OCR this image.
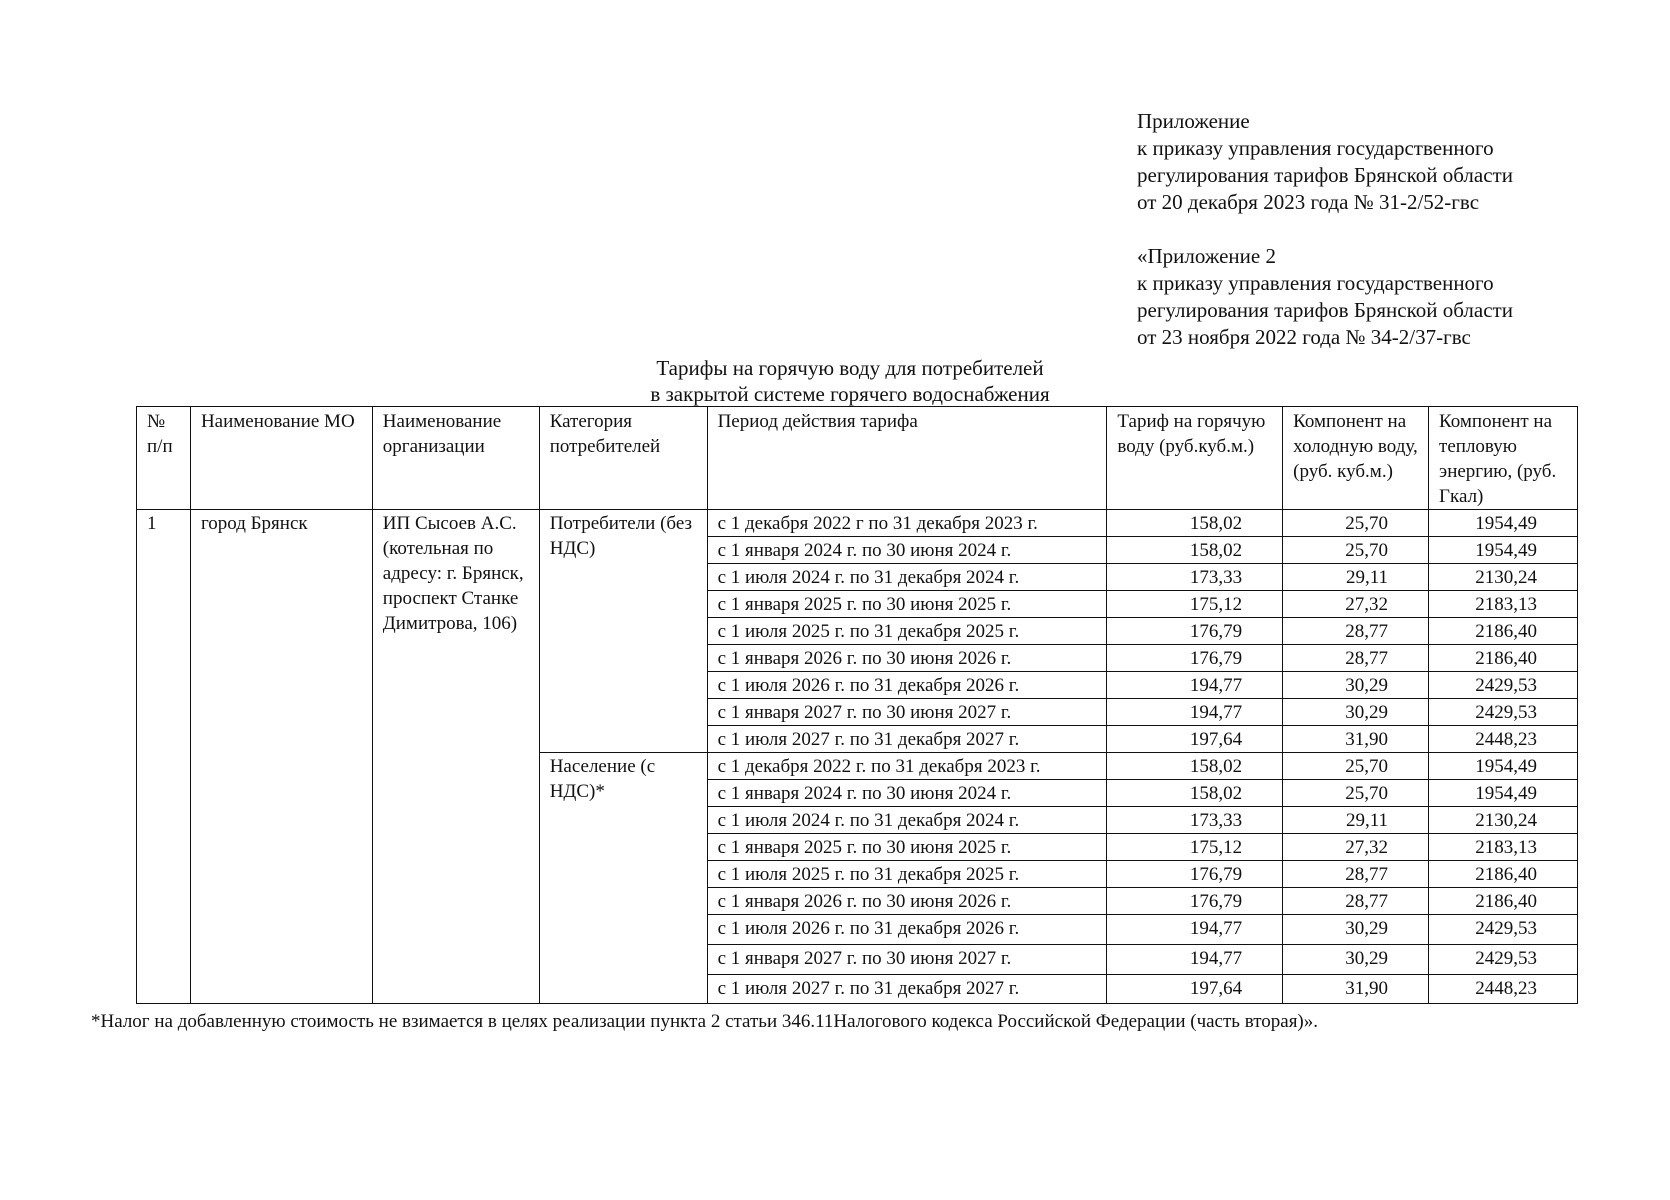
Приложение
к приказу управления государственного
регулирования тарифов Брянской области
от 20 декабря 2023 года № 31-2/52-гвс
«Приложение 2
к приказу управления государственного
регулирования тарифов Брянской области
от 23 ноября 2022 года № 34-2/37-гвс
Тарифы на горячую воду для потребителей
в закрытой системе горячего водоснабжения
№ п/п	Наименование МО	Наименование организации	Категория потребителей	Период действия тарифа	Тариф на горячую воду (руб.куб.м.)	Компонент на холодную воду, (руб. куб.м.)	Компонент на тепловую энергию, (руб. Гкал)
1	город Брянск	ИП Сысоев А.С. (котельная по адресу: г. Брянск, проспект Станке Димитрова, 106)	Потребители (без НДС)	с 1 декабря 2022 г по 31 декабря 2023 г.	158,02	25,70	1954,49
				с 1 января 2024 г. по 30 июня 2024 г.	158,02	25,70	1954,49
				с 1 июля 2024 г. по 31 декабря 2024 г.	173,33	29,11	2130,24
				с 1 января 2025 г. по 30 июня 2025 г.	175,12	27,32	2183,13
				с 1 июля 2025 г. по 31 декабря 2025 г.	176,79	28,77	2186,40
				с 1 января 2026 г. по 30 июня 2026 г.	176,79	28,77	2186,40
				с 1 июля 2026 г. по 31 декабря 2026 г.	194,77	30,29	2429,53
				с 1 января 2027 г. по 30 июня 2027 г.	194,77	30,29	2429,53
				с 1 июля 2027 г. по 31 декабря 2027 г.	197,64	31,90	2448,23
			Население (с НДС)*	с 1 декабря 2022 г. по 31 декабря 2023 г.	158,02	25,70	1954,49
				с 1 января 2024 г. по 30 июня 2024 г.	158,02	25,70	1954,49
				с 1 июля 2024 г. по 31 декабря 2024 г.	173,33	29,11	2130,24
				с 1 января 2025 г. по 30 июня 2025 г.	175,12	27,32	2183,13
				с 1 июля 2025 г. по 31 декабря 2025 г.	176,79	28,77	2186,40
				с 1 января 2026 г. по 30 июня 2026 г.	176,79	28,77	2186,40
				с 1 июля 2026 г. по 31 декабря 2026 г.	194,77	30,29	2429,53
				с 1 января 2027 г. по 30 июня 2027 г.	194,77	30,29	2429,53
				с 1 июля 2027 г. по 31 декабря 2027 г.	197,64	31,90	2448,23
*Налог на добавленную стоимость не взимается в целях реализации пункта 2 статьи 346.11Налогового кодекса Российской Федерации (часть вторая)».
